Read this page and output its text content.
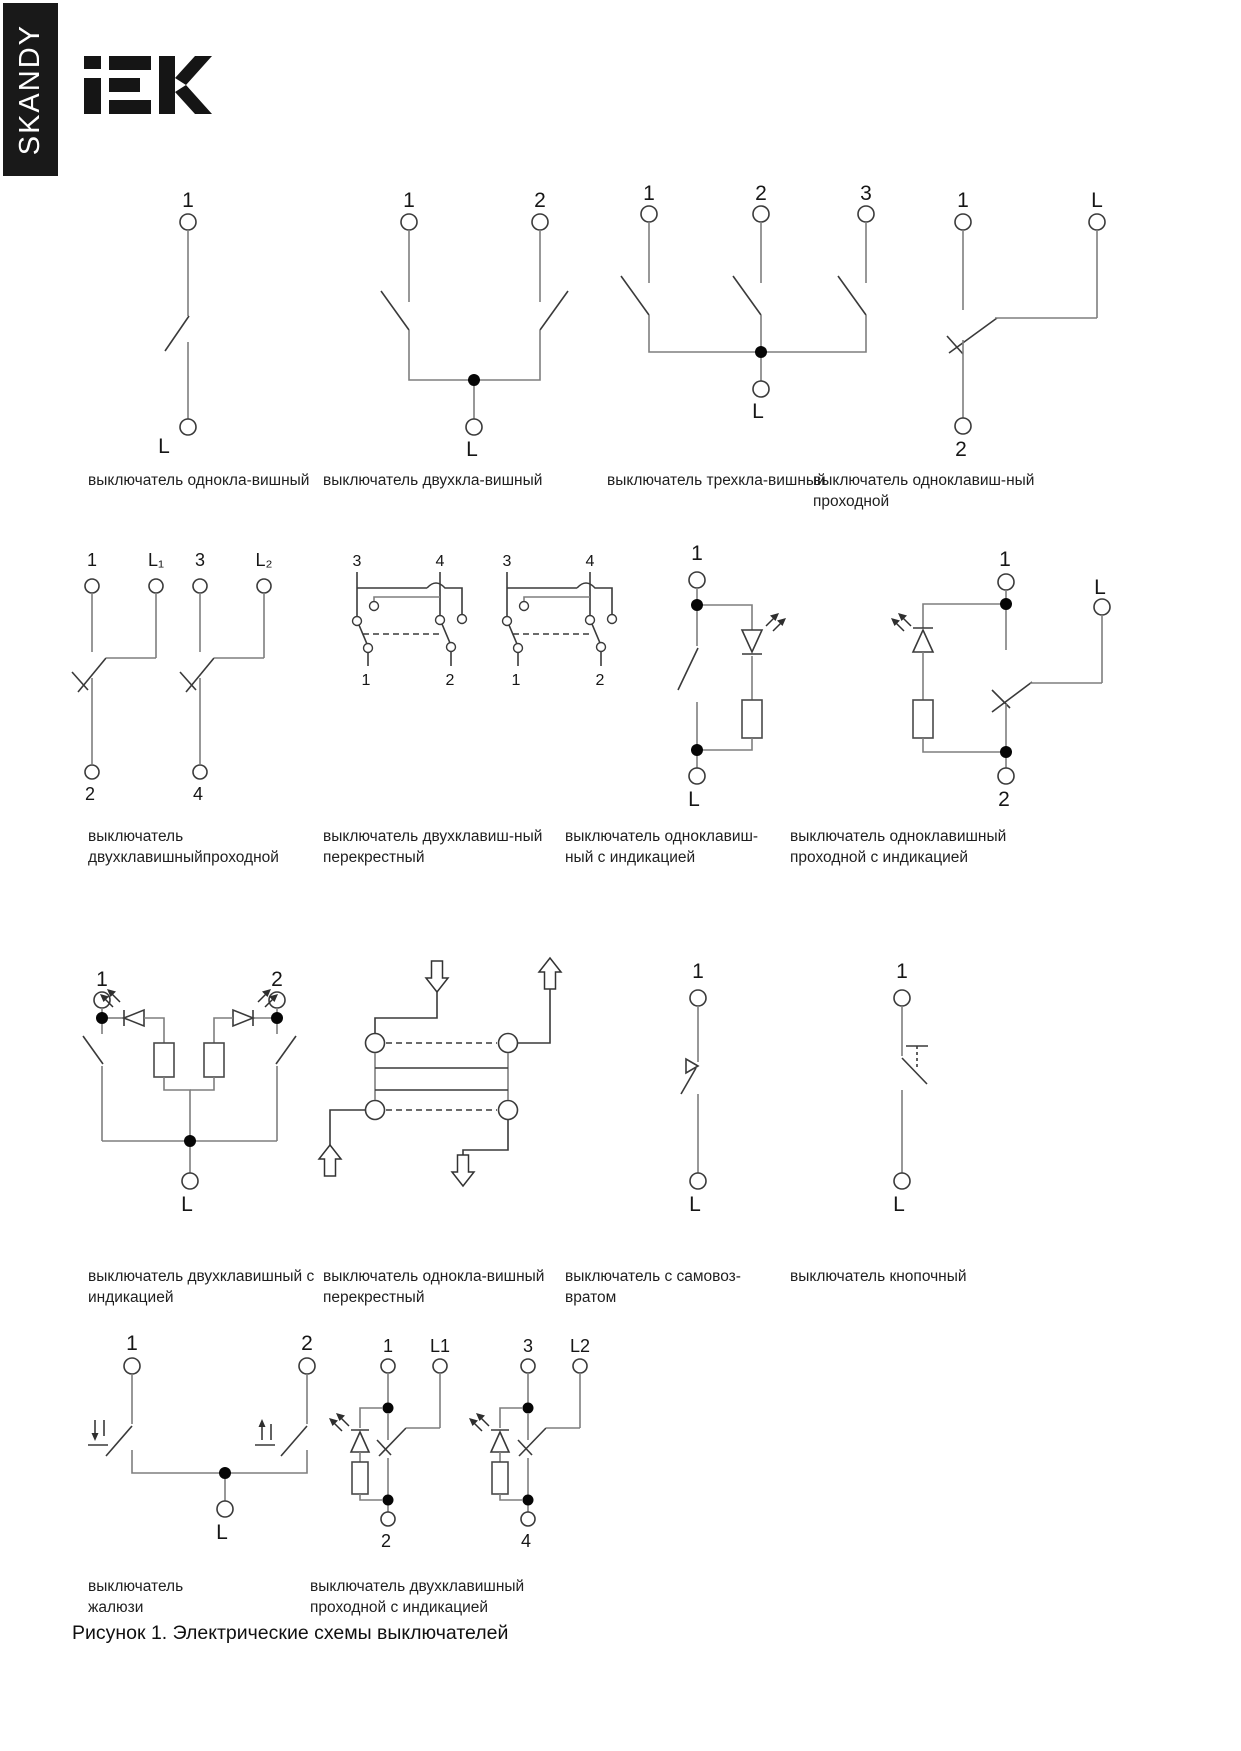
SKANDY
1
L
1	2
L
1	2	3
L
1	L
2
1	L₁ 3	L₂
2	4
3	4
1	2
3	4
1	2
1
L
1
L
2
1	2
L
1
L
1
L
1	2
L
1 L1
2
3 L2
4
выключатель однокла-вишный выключатель двухкла-вишный	выключатель трехкла-вишный
выключатель одноклавиш-ный
проходной
выключатель
двухклавишныйпроходной
выключатель двухклавиш-ный
перекрестный
выключатель одноклавиш-
ный с индикацией
выключатель одноклавишный
проходной с индикацией
выключатель двухклавишный с
индикацией
выключатель однокла-вишный
перекрестный
выключатель с самовоз-
вратом
выключатель кнопочный
выключатель
жалюзи
выключатель двухклавишный
проходной с индикацией
Рисунок 1. Электрические схемы выключателей
